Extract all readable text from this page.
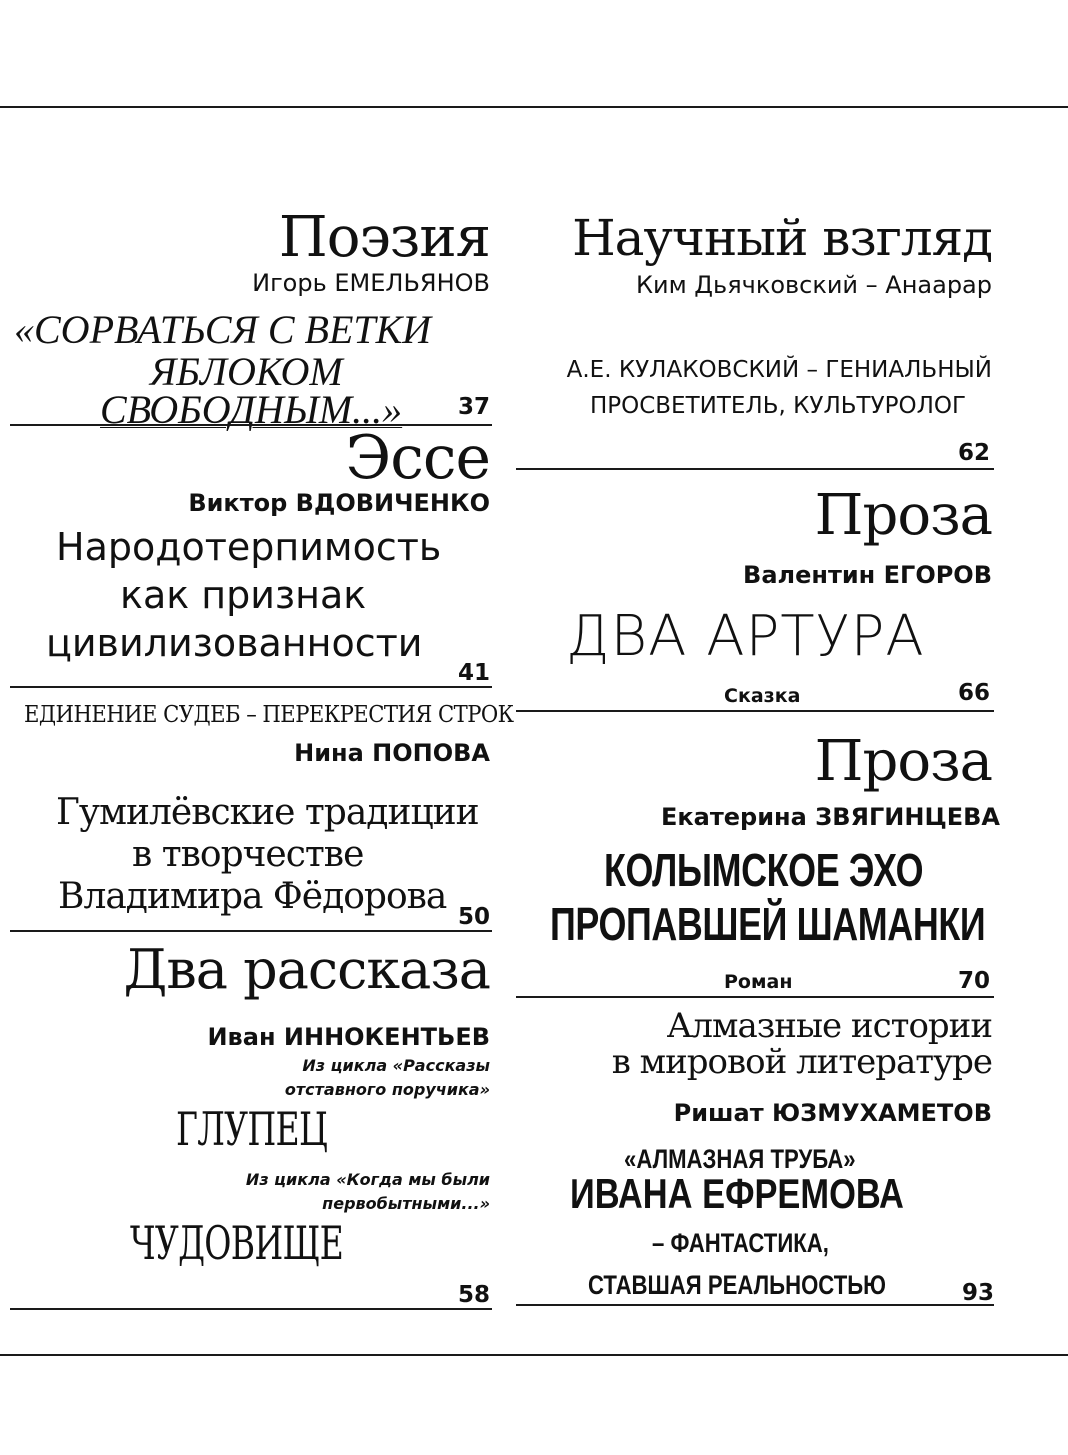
Поэзия
Игорь ЕМЕЛЬЯНОВ
«СОРВАТЬСЯ С ВЕТКИ
ЯБЛОКОМ
СВОБОДНЫМ...» 37
Эссе
Виктор ВДОВИЧЕНКО
Народотерпимость
как признак
цивилизованности
41
ЕДИНЕНИЕ СУДЕБ – ПЕРЕКРЕСТИЯ СТРОК
Нина ПОПОВА
Гумилёвские традиции
в творчестве
Владимира Фёдорова 50
Два рассказа
Иван ИННОКЕНТЬЕВ
Из цикла «Рассказы
отставного поручика»
ГЛУПЕЦ
Из цикла «Когда мы были
первобытными...»
ЧУДОВИЩЕ
58
Научный взгляд
Ким Дьячковский – Анаарар
А.Е. КУЛАКОВСКИЙ – ГЕНИАЛЬНЫЙ
ПРОСВЕТИТЕЛЬ, КУЛЬТУРОЛОГ
62
Проза
Валентин ЕГОРОВ
ДВА АРТУРА
Сказка	66
Проза
Екатерина ЗВЯГИНЦЕВА
КОЛЫМСКОЕ ЭХО
ПРОПАВШЕЙ ШАМАНКИ
Роман	70
Алмазные истории
в мировой литературе
Ришат ЮЗМУХАМЕТОВ
«АЛМАЗНАЯ ТРУБА»
ИВАНА ЕФРЕМОВА
– ФАНТАСТИКА,
СТАВШАЯ РЕАЛЬНОСТЬЮ	93
